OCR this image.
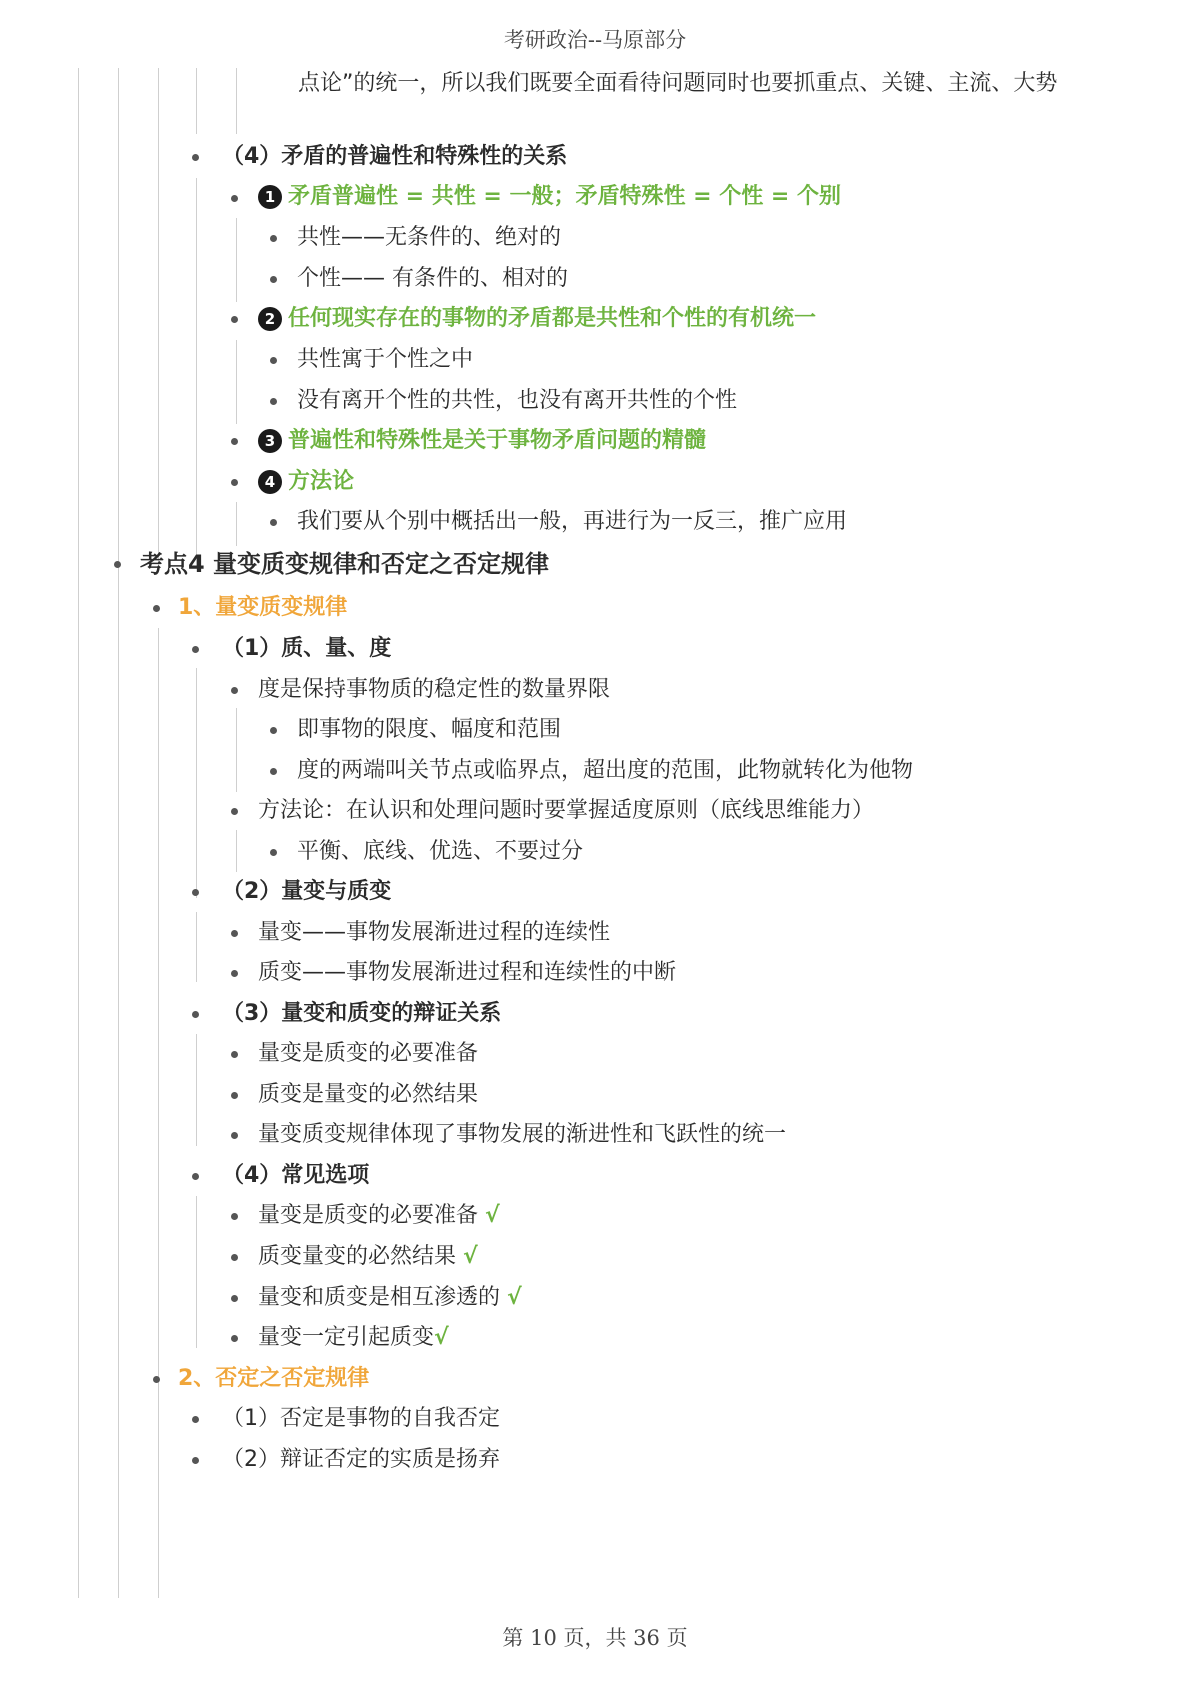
考研政治--马原部分
点论”的统一，所以我们既要全面看待问题同时也要抓重点、关键、主流、大势
（4）矛盾的普遍性和特殊性的关系
1 矛盾普遍性 = 共性 = 一般；矛盾特殊性 = 个性 = 个别
共性——无条件的、绝对的
个性—— 有条件的、相对的
2 任何现实存在的事物的矛盾都是共性和个性的有机统一
共性寓于个性之中
没有离开个性的共性，也没有离开共性的个性
3 普遍性和特殊性是关于事物矛盾问题的精髓
4 方法论
我们要从个别中概括出一般，再进行为一反三，推广应用
考点4 量变质变规律和否定之否定规律
1、量变质变规律
（1）质、量、度
度是保持事物质的稳定性的数量界限
即事物的限度、幅度和范围
度的两端叫关节点或临界点，超出度的范围，此物就转化为他物
方法论：在认识和处理问题时要掌握适度原则（底线思维能力）
平衡、底线、优选、不要过分
（2）量变与质变
量变——事物发展渐进过程的连续性
质变——事物发展渐进过程和连续性的中断
（3）量变和质变的辩证关系
量变是质变的必要准备
质变是量变的必然结果
量变质变规律体现了事物发展的渐进性和飞跃性的统一
（4）常见选项
量变是质变的必要准备 √
质变量变的必然结果 √
量变和质变是相互渗透的 √
量变一定引起质变√
2、否定之否定规律
（1）否定是事物的自我否定
（2）辩证否定的实质是扬弃
第 10 页，共 36 页
